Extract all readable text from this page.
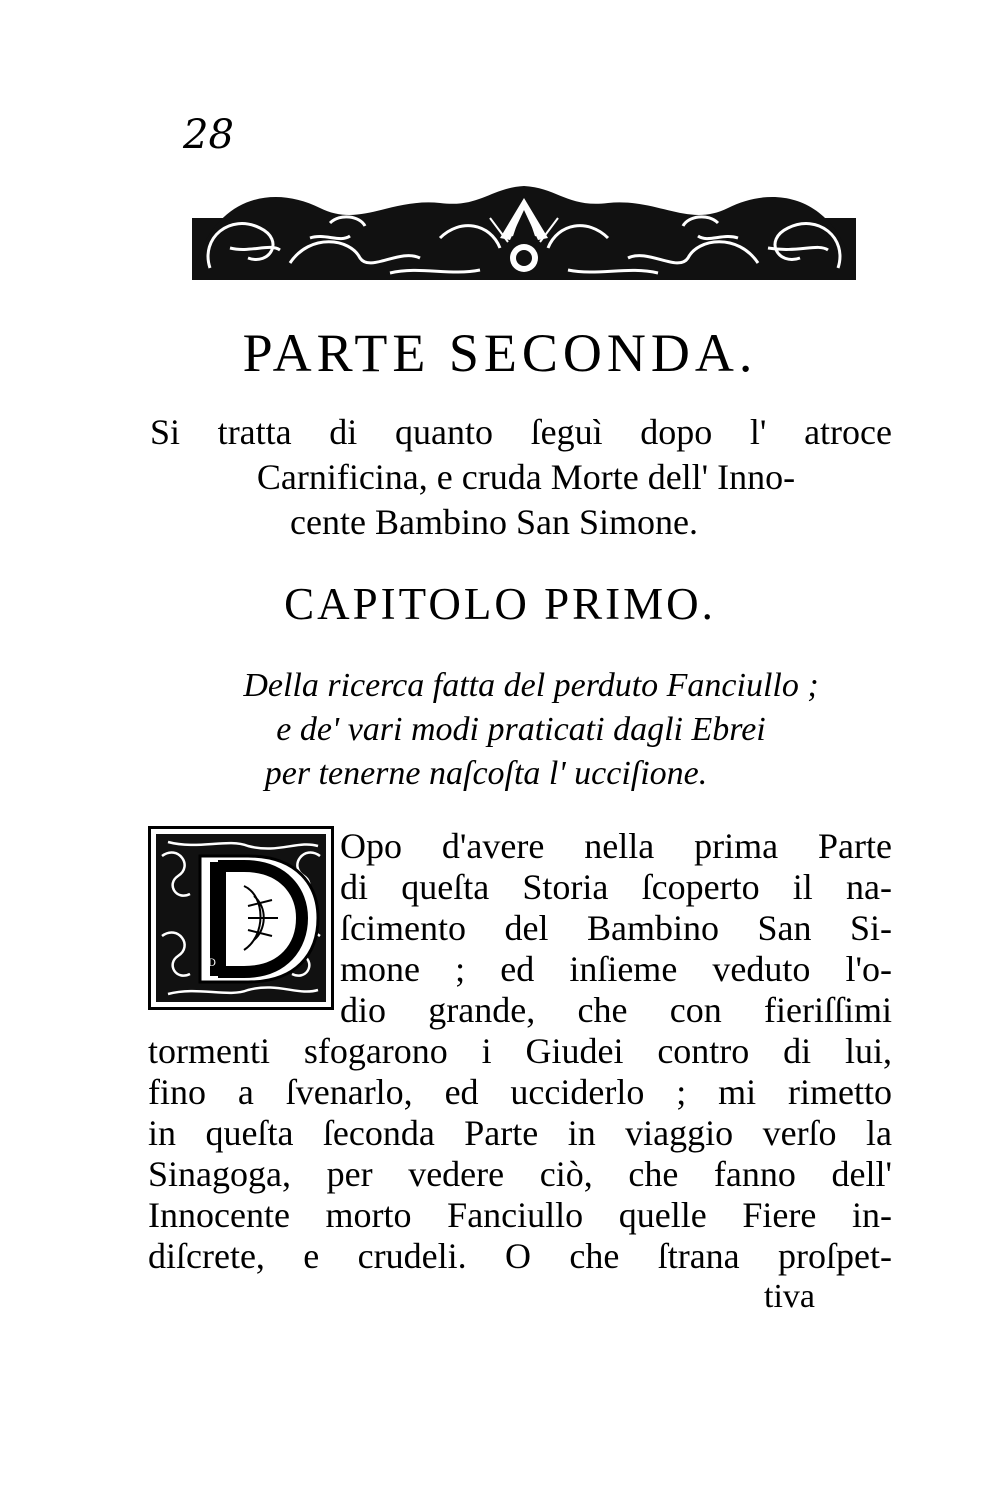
28
PARTE SECONDA.
Si tratta di quanto ſeguì dopo l' atroce
Carnificina, e cruda Morte dell' Inno-
cente Bambino San Simone.
CAPITOLO PRIMO.
Della ricerca fatta del perduto Fanciullo ;
e de' vari modi praticati dagli Ebrei
per tenerne naſcoſta l' ucciſione.
D
Opo d'avere nella prima Parte
di queſta Storia ſcoperto il na-
ſcimento del Bambino San Si-
mone ; ed inſieme veduto l'o-
dio grande, che con fieriſſimi
tormenti sfogarono i Giudei contro di lui,
fino a ſvenarlo, ed ucciderlo ; mi rimetto
in queſta ſeconda Parte in viaggio verſo la
Sinagoga, per vedere ciò, che fanno dell'
Innocente morto Fanciullo quelle Fiere in-
diſcrete, e crudeli. O che ſtrana proſpet-
tiva
